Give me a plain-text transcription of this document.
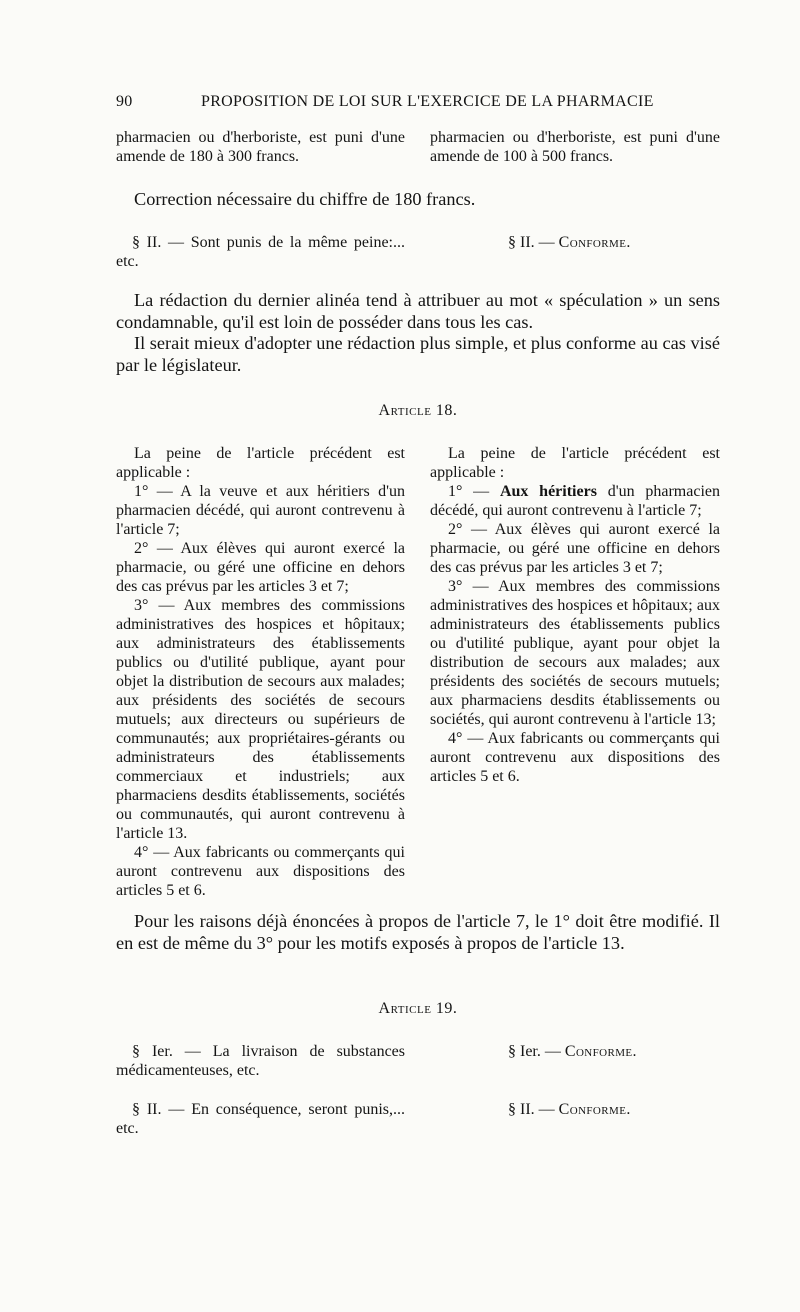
90	PROPOSITION DE LOI SUR L'EXERCICE DE LA PHARMACIE
pharmacien ou d'herboriste, est puni d'une amende de 180 à 300 francs.
pharmacien ou d'herboriste, est puni d'une amende de 100 à 500 francs.

Correction nécessaire du chiffre de 180 francs.

§ II. — Sont punis de la même peine:... etc.
§ II. — Conforme.

La rédaction du dernier alinéa tend à attribuer au mot « spéculation » un sens condamnable, qu'il est loin de posséder dans tous les cas.

Il serait mieux d'adopter une rédaction plus simple, et plus conforme au cas visé par le législateur.

Article 18.

La peine de l'article précédent est applicable :

1° — A la veuve et aux héritiers d'un pharmacien décédé, qui auront contrevenu à l'article 7;

2° — Aux élèves qui auront exercé la pharmacie, ou géré une officine en dehors des cas prévus par les articles 3 et 7;

3° — Aux membres des commissions administratives des hospices et hôpitaux; aux administrateurs des établissements publics ou d'utilité publique, ayant pour objet la distribution de secours aux malades; aux présidents des sociétés de secours mutuels; aux directeurs ou supérieurs de communautés; aux propriétaires-gérants ou administrateurs des établissements commerciaux et industriels; aux pharmaciens desdits établissements, sociétés ou communautés, qui auront contrevenu à l'article 13.

4° — Aux fabricants ou commerçants qui auront contrevenu aux dispositions des articles 5 et 6.

La peine de l'article précédent est applicable :

1° — Aux héritiers d'un pharmacien décédé, qui auront contrevenu à l'article 7;

2° — Aux élèves qui auront exercé la pharmacie, ou géré une officine en dehors des cas prévus par les articles 3 et 7;

3° — Aux membres des commissions administratives des hospices et hôpitaux; aux administrateurs des établissements publics ou d'utilité publique, ayant pour objet la distribution de secours aux malades; aux présidents des sociétés de secours mutuels; aux pharmaciens desdits établissements ou sociétés, qui auront contrevenu à l'article 13;

4° — Aux fabricants ou commerçants qui auront contrevenu aux dispositions des articles 5 et 6.

Pour les raisons déjà énoncées à propos de l'article 7, le 1° doit être modifié. Il en est de même du 3° pour les motifs exposés à propos de l'article 13.

Article 19.
§ Ier. — La livraison de substances médicamenteuses, etc.
§ Ier. — Conforme.
§ II. — En conséquence, seront punis,... etc.
§ II. — Conforme.
